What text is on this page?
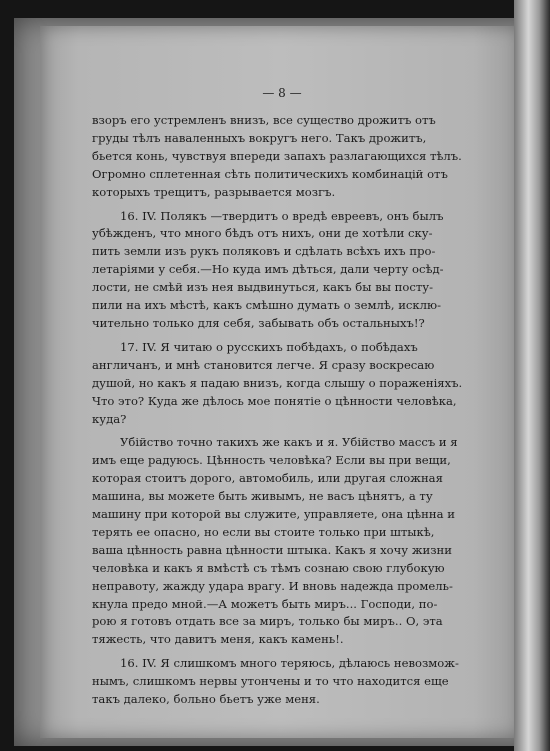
— 8 —
взоръ его устремленъ внизъ, все существо дрожитъ отъ
груды тѣлъ наваленныхъ вокругъ него. Такъ дрожитъ,
бьется конь, чувствуя впереди запахъ разлагающихся тѣлъ.
Огромно сплетенная сѣть политическихъ комбинацій отъ
которыхъ трещитъ, разрывается мозгъ.
16. IV. Полякъ —твердитъ о вредѣ евреевъ, онъ былъ
убѣжденъ, что много бѣдъ отъ нихъ, они де хотѣли ску-
пить земли изъ рукъ поляковъ и сдѣлать всѣхъ ихъ про-
летаріями у себя.—Но куда имъ дѣться, дали черту осѣд-
лости, не смѣй изъ нея выдвинуться, какъ бы вы посту-
пили на ихъ мѣстѣ, какъ смѣшно думать о землѣ, исклю-
чительно только для себя, забывать объ остальныхъ!?
17. IV. Я читаю о русскихъ побѣдахъ, о побѣдахъ
англичанъ, и мнѣ становится легче. Я сразу воскресаю
душой, но какъ я падаю внизъ, когда слышу о пораженіяхъ.
Что это? Куда же дѣлось мое понятіе о цѣнности человѣка,
куда?
Убійство точно такихъ же какъ и я. Убійство массъ и я
имъ еще радуюсь. Цѣнность человѣка? Если вы при вещи,
которая стоитъ дорого, автомобиль, или другая сложная
машина, вы можете быть живымъ, не васъ цѣнятъ, а ту
машину при которой вы служите, управляете, она цѣнна и
терять ее опасно, но если вы стоите только при штыкѣ,
ваша цѣнность равна цѣнности штыка. Какъ я хочу жизни
человѣка и какъ я вмѣстѣ съ тѣмъ сознаю свою глубокую
неправоту, жажду удара врагу. И вновь надежда промель-
кнула предо мной.—А можетъ быть миръ... Господи, по-
рою я готовъ отдать все за миръ, только бы миръ.. О, эта
тяжесть, что давитъ меня, какъ камень!.
16. IV. Я слишкомъ много теряюсь, дѣлаюсь невозмож-
нымъ, слишкомъ нервы утончены и то что находится еще
такъ далеко, больно бьетъ уже меня.
